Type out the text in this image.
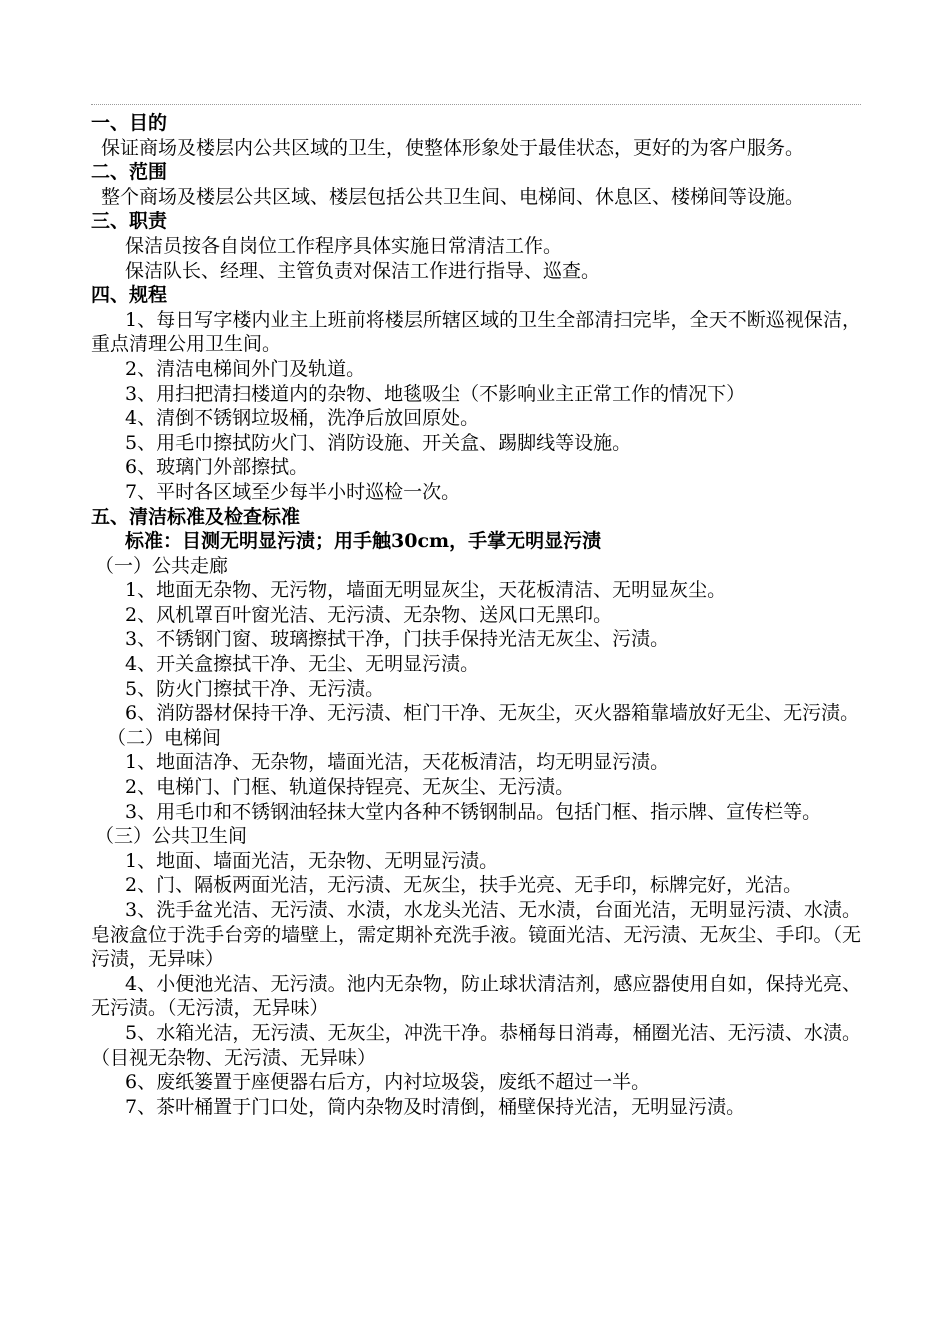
一、目的
保证商场及楼层内公共区域的卫生，使整体形象处于最佳状态，更好的为客户服务。
二、范围
整个商场及楼层公共区域、楼层包括公共卫生间、电梯间、休息区、楼梯间等设施。
三、职责
保洁员按各自岗位工作程序具体实施日常清洁工作。
保洁队长、经理、主管负责对保洁工作进行指导、巡查。
四、规程
1、每日写字楼内业主上班前将楼层所辖区域的卫生全部清扫完毕，全天不断巡视保洁，重点清理公用卫生间。
2、清洁电梯间外门及轨道。
3、用扫把清扫楼道内的杂物、地毯吸尘（不影响业主正常工作的情况下）
4、清倒不锈钢垃圾桶，洗净后放回原处。
5、用毛巾擦拭防火门、消防设施、开关盒、踢脚线等设施。
6、玻璃门外部擦拭。
7、平时各区域至少每半小时巡检一次。
五、清洁标准及检查标准
标准：目测无明显污渍；用手触30cm，手掌无明显污渍
（一）公共走廊
1、地面无杂物、无污物，墙面无明显灰尘，天花板清洁、无明显灰尘。
2、风机罩百叶窗光洁、无污渍、无杂物、送风口无黑印。
3、不锈钢门窗、玻璃擦拭干净，门扶手保持光洁无灰尘、污渍。
4、开关盒擦拭干净、无尘、无明显污渍。
5、防火门擦拭干净、无污渍。
6、消防器材保持干净、无污渍、柜门干净、无灰尘，灭火器箱靠墙放好无尘、无污渍。
（二）电梯间
1、地面洁净、无杂物，墙面光洁，天花板清洁，均无明显污渍。
2、电梯门、门框、轨道保持锃亮、无灰尘、无污渍。
3、用毛巾和不锈钢油轻抹大堂内各种不锈钢制品。包括门框、指示牌、宣传栏等。
（三）公共卫生间
1、地面、墙面光洁，无杂物、无明显污渍。
2、门、隔板两面光洁，无污渍、无灰尘，扶手光亮、无手印，标牌完好，光洁。
3、洗手盆光洁、无污渍、水渍，水龙头光洁、无水渍，台面光洁，无明显污渍、水渍。皂液盒位于洗手台旁的墙壁上，需定期补充洗手液。镜面光洁、无污渍、无灰尘、手印。（无污渍，无异味）
4、小便池光洁、无污渍。池内无杂物，防止球状清洁剂，感应器使用自如，保持光亮、无污渍。（无污渍，无异味）
5、水箱光洁，无污渍、无灰尘，冲洗干净。恭桶每日消毒，桶圈光洁、无污渍、水渍。（目视无杂物、无污渍、无异味）
6、废纸篓置于座便器右后方，内衬垃圾袋，废纸不超过一半。
7、茶叶桶置于门口处，筒内杂物及时清倒，桶壁保持光洁，无明显污渍。
